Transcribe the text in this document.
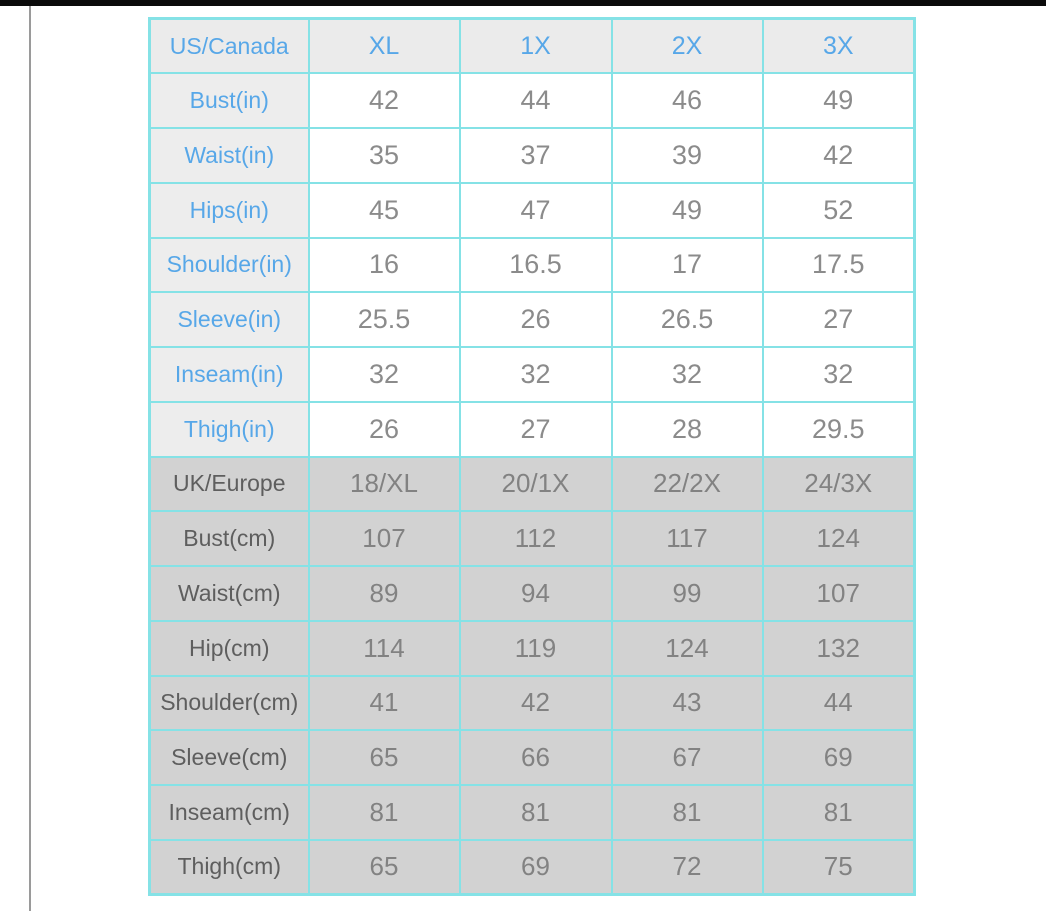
US/Canada	XL	1X	2X	3X
Bust(in)	42	44	46	49
Waist(in)	35	37	39	42
Hips(in)	45	47	49	52
Shoulder(in)	16	16.5	17	17.5
Sleeve(in)	25.5	26	26.5	27
Inseam(in)	32	32	32	32
Thigh(in)	26	27	28	29.5
UK/Europe	18/XL	20/1X	22/2X	24/3X
Bust(cm)	107	112	117	124
Waist(cm)	89	94	99	107
Hip(cm)	114	119	124	132
Shoulder(cm)	41	42	43	44
Sleeve(cm)	65	66	67	69
Inseam(cm)	81	81	81	81
Thigh(cm)	65	69	72	75
